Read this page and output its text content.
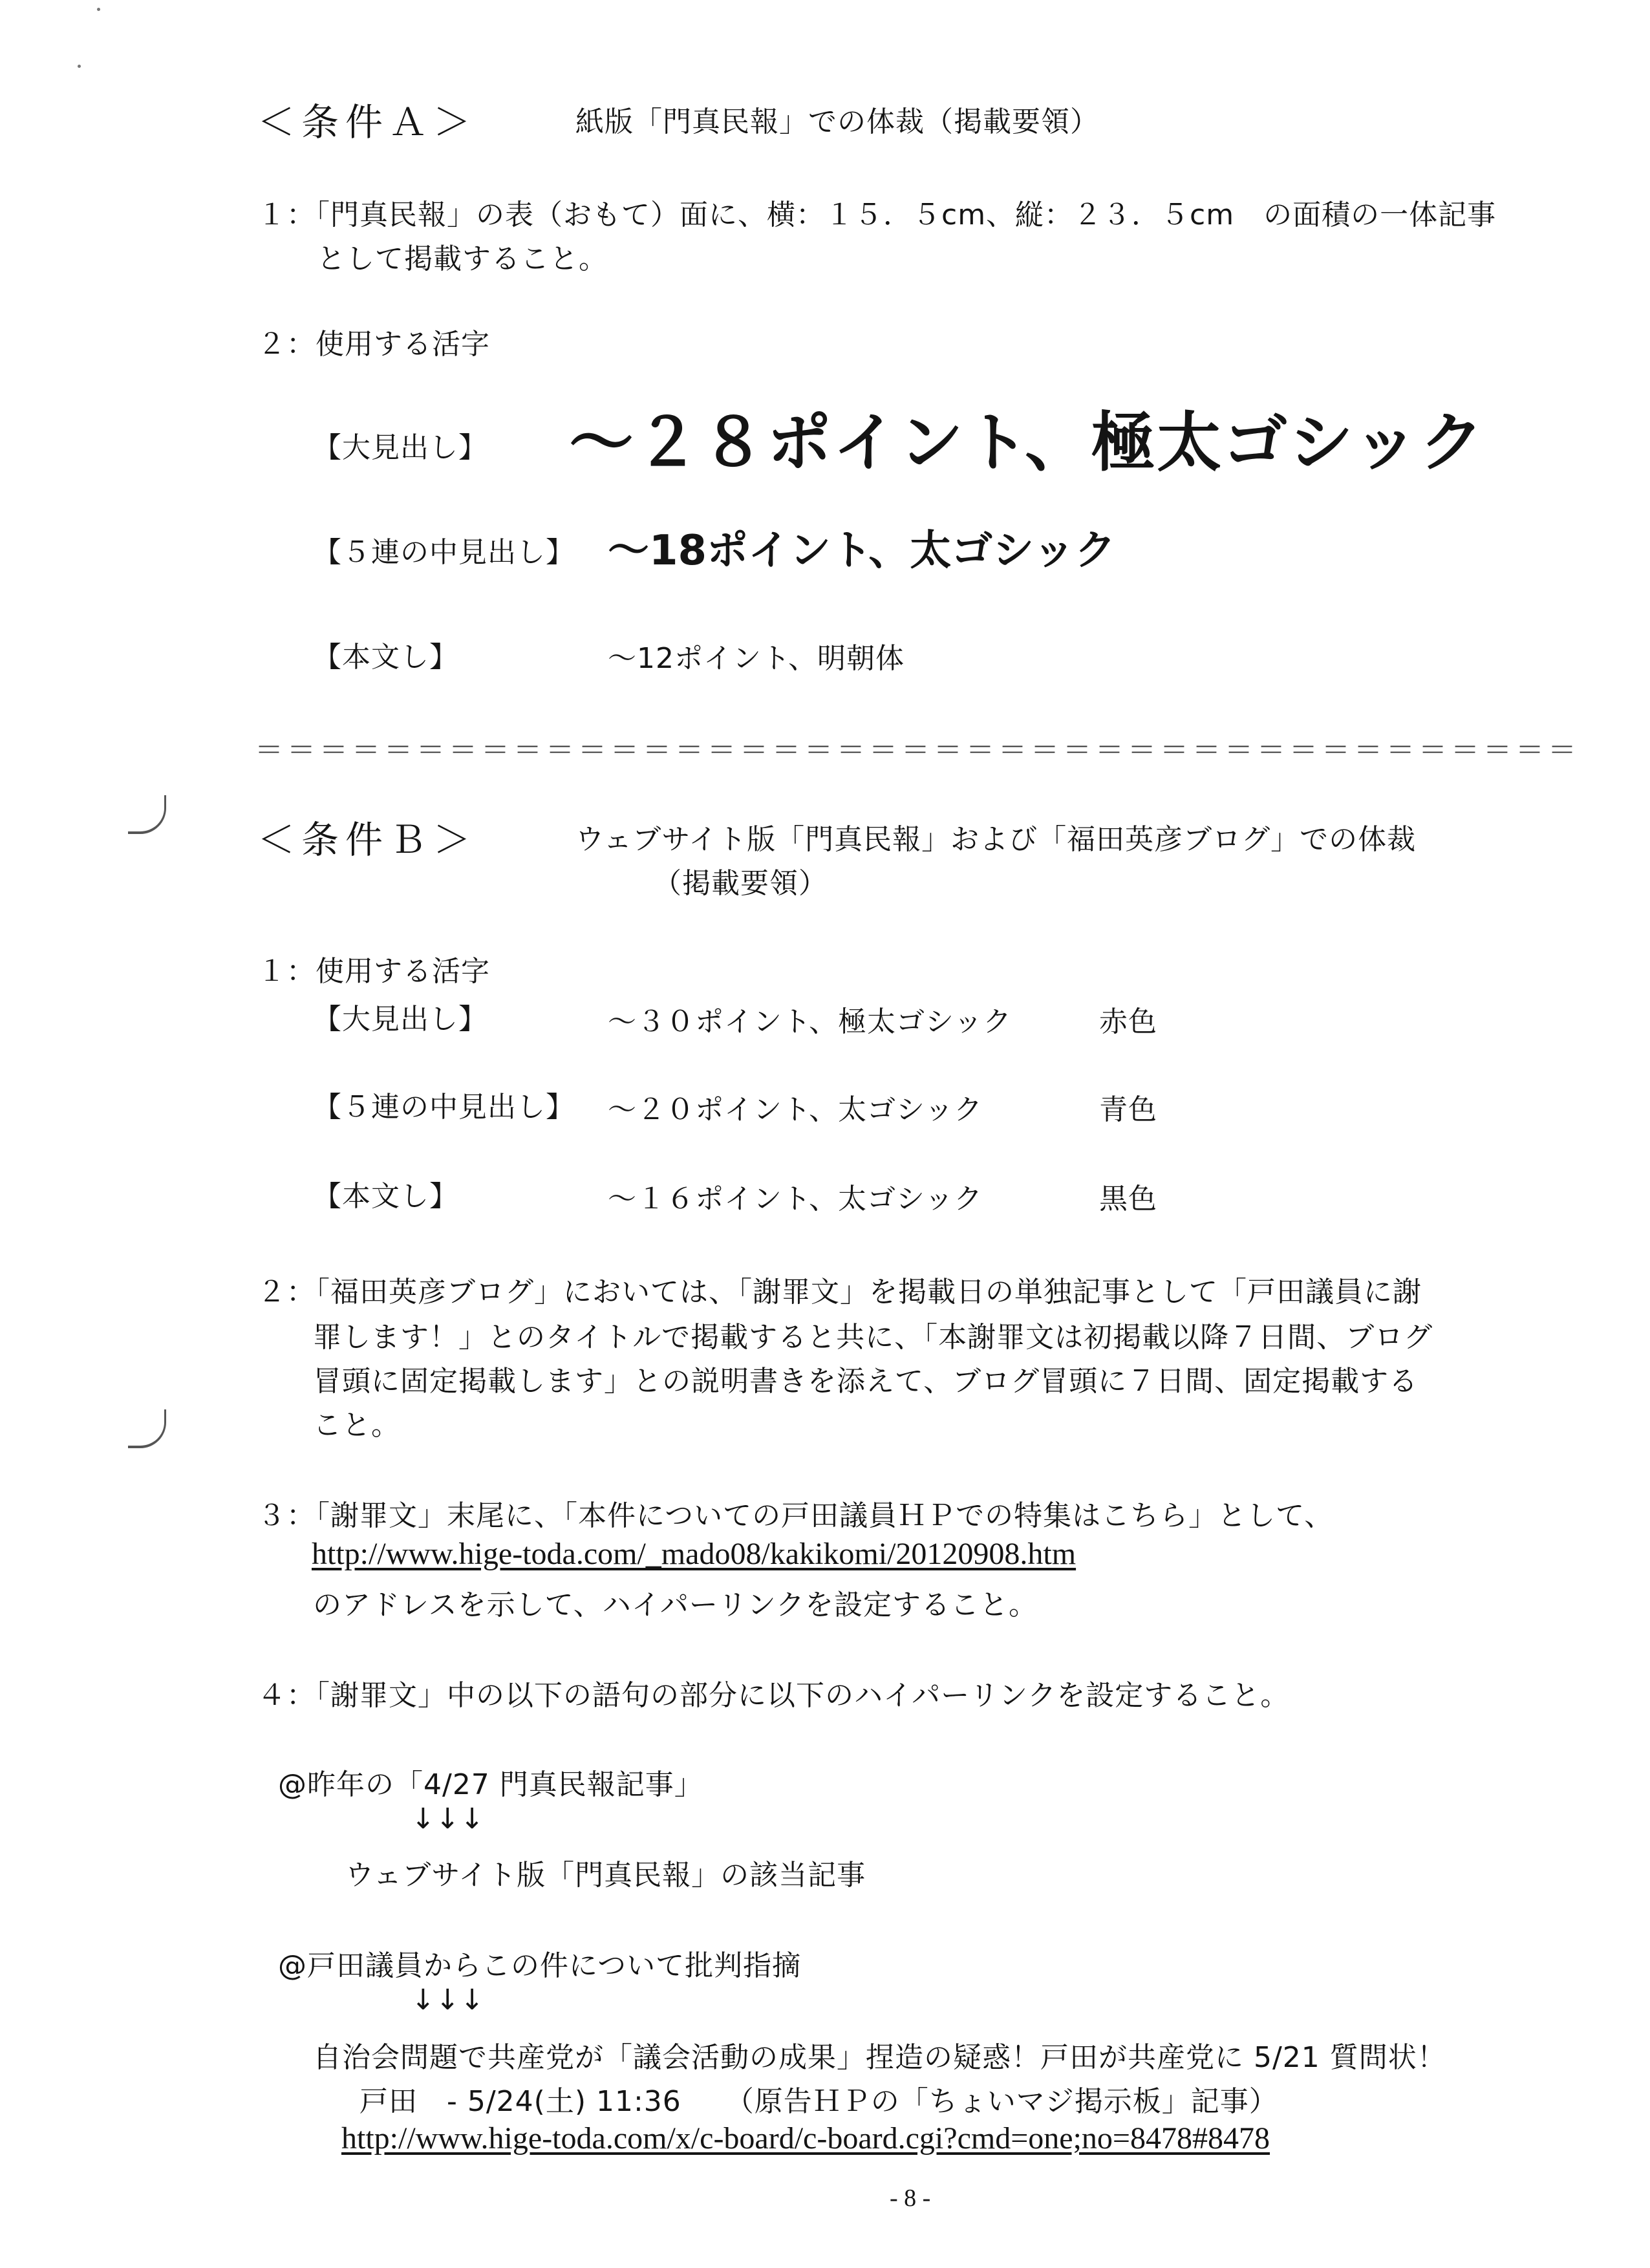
＜条件Ａ＞	紙版「門真民報」での体裁（掲載要領）
１：「門真民報」の表（おもて）面に、横：１５．５cm、縦：２３．５cm　の面積の一体記事
として掲載すること。
２：使用する活字
【大見出し】 ～２８ポイント、極太ゴシック
【５連の中見出し】 ～18ポイント、太ゴシック
【本文し】	～12ポイント、明朝体
＝＝＝＝＝＝＝＝＝＝＝＝＝＝＝＝＝＝＝＝＝＝＝＝＝＝＝＝＝＝＝＝＝＝＝＝＝＝＝＝＝
＜条件Ｂ＞	ウェブサイト版「門真民報」および「福田英彦ブログ」での体裁
（掲載要領）
１：使用する活字
【大見出し】	～３０ポイント、極太ゴシック	赤色
【５連の中見出し】 ～２０ポイント、太ゴシック	青色
【本文し】	～１６ポイント、太ゴシック	黒色
２：「福田英彦ブログ」においては、「謝罪文」を掲載日の単独記事として「戸田議員に謝
罪します！」とのタイトルで掲載すると共に、「本謝罪文は初掲載以降７日間、ブログ
冒頭に固定掲載します」との説明書きを添えて、ブログ冒頭に７日間、固定掲載する
こと。
３：「謝罪文」末尾に、「本件についての戸田議員ＨＰでの特集はこちら」として、
http://www.hige-toda.com/_mado08/kakikomi/20120908.htm
のアドレスを示して、ハイパーリンクを設定すること。
４：「謝罪文」中の以下の語句の部分に以下のハイパーリンクを設定すること。
@昨年の「4/27 門真民報記事」
↓↓↓
ウェブサイト版「門真民報」の該当記事
@戸田議員からこの件について批判指摘
↓↓↓
自治会問題で共産党が「議会活動の成果」捏造の疑惑！戸田が共産党に 5/21 質問状！
戸田　- 5/24(土) 11:36　　（原告ＨＰの「ちょいマジ掲示板」記事）
http://www.hige-toda.com/x/c-board/c-board.cgi?cmd=one;no=8478#8478
- 8 -
